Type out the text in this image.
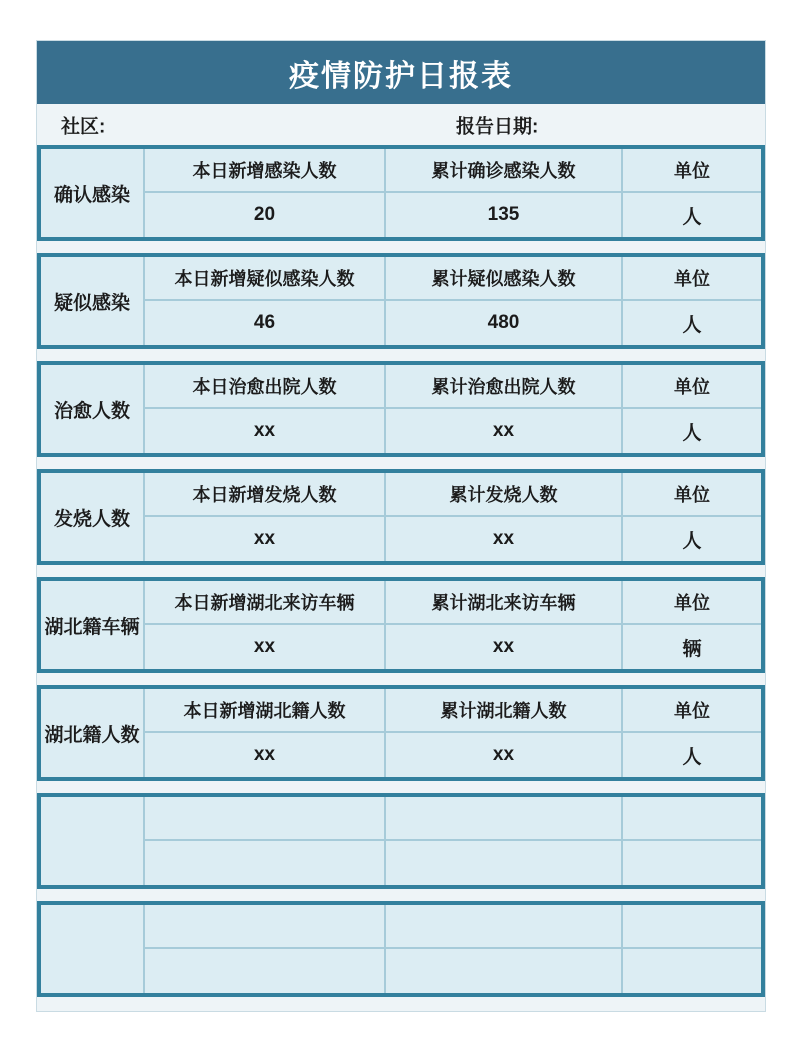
疫情防护日报表
社区:	报告日期:
确认感染
本日新增感染人数	累计确诊感染人数	单位
20	135	人
疑似感染
本日新增疑似感染人数	累计疑似感染人数	单位
46	480	人
治愈人数
本日治愈出院人数	累计治愈出院人数	单位
xx	xx	人
发烧人数
本日新增发烧人数	累计发烧人数	单位
xx	xx	人
湖北籍车辆
本日新增湖北来访车辆	累计湖北来访车辆	单位
xx	xx	辆
湖北籍人数
本日新增湖北籍人数	累计湖北籍人数	单位
xx	xx	人
